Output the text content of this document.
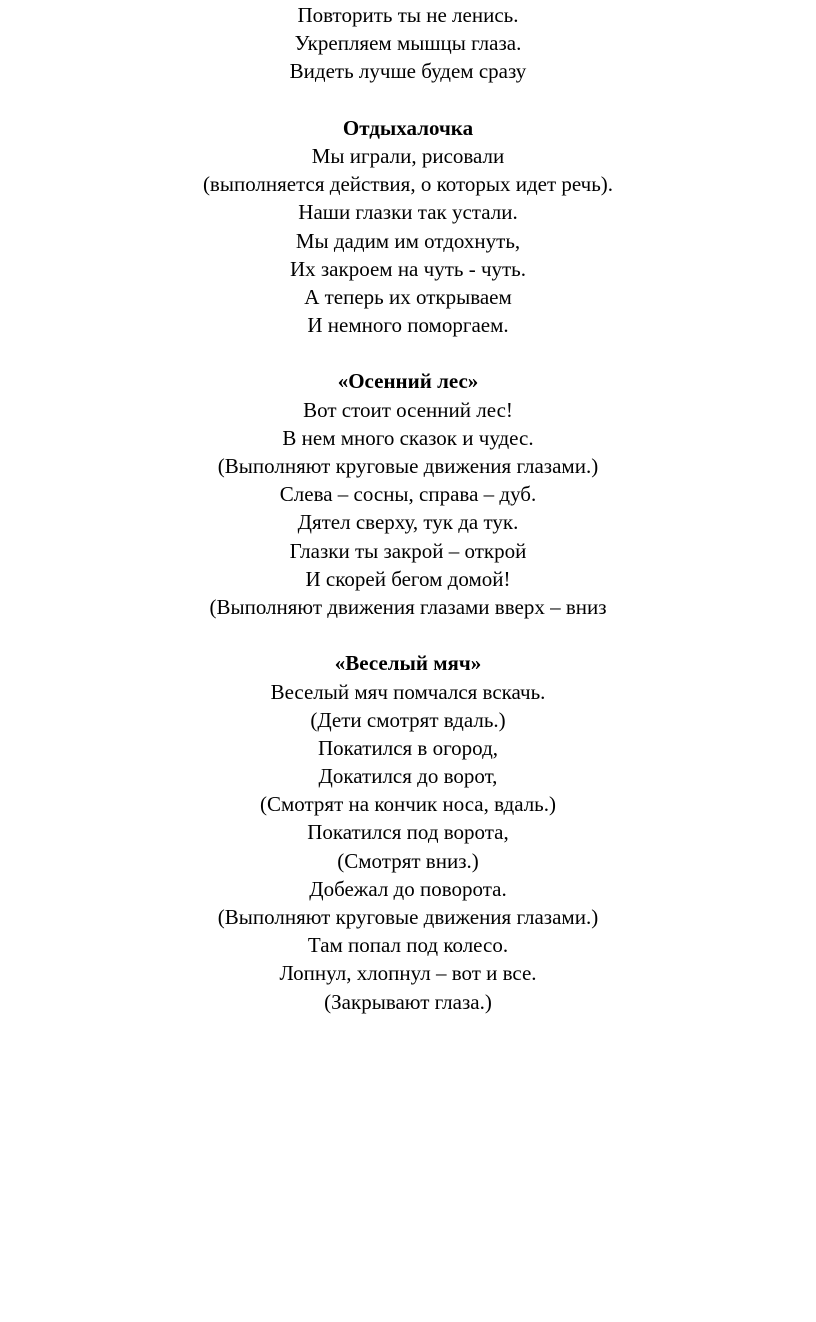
Повторить ты не ленись.
Укрепляем мышцы глаза.
Видеть лучше будем сразу
Отдыхалочка
Мы играли, рисовали
(выполняется действия, о которых идет речь).
Наши глазки так устали.
Мы дадим им отдохнуть,
Их закроем на чуть - чуть.
А теперь их открываем
И немного поморгаем.
«Осенний лес»
Вот стоит осенний лес!
В нем много сказок и чудес.
(Выполняют круговые движения глазами.)
Слева – сосны, справа – дуб.
Дятел сверху, тук да тук.
Глазки ты закрой – открой
И скорей бегом домой!
(Выполняют движения глазами вверх – вниз
«Веселый мяч»
Веселый мяч помчался вскачь.
(Дети смотрят вдаль.)
Покатился в огород,
Докатился до ворот,
(Смотрят на кончик носа, вдаль.)
Покатился под ворота,
(Смотрят вниз.)
Добежал до поворота.
(Выполняют круговые движения глазами.)
Там попал под колесо.
Лопнул, хлопнул – вот и все.
(Закрывают глаза.)
